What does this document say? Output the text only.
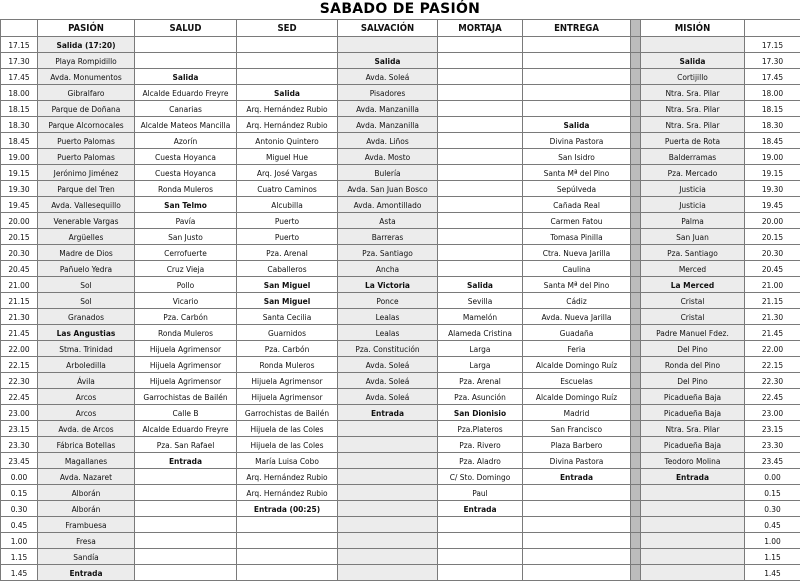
SABADO DE PASIÓN
	PASIÓN	SALUD	SED	SALVACIÓN	MORTAJA	ENTREGA		MISIÓN	
17.15	Salida (17:20)								17.15
17.30	Playa Rompidillo			Salida				Salida	17.30
17.45	Avda. Monumentos	Salida		Avda. Soleá				Cortijillo	17.45
18.00	Gibralfaro	Alcalde Eduardo Freyre	Salida	Pisadores				Ntra. Sra. Pilar	18.00
18.15	Parque de Doñana	Canarias	Arq. Hernández Rubio	Avda. Manzanilla				Ntra. Sra. Pilar	18.15
18.30	Parque Alcornocales	Alcalde Mateos Mancilla	Arq. Hernández Rubio	Avda. Manzanilla		Salida		Ntra. Sra. Pilar	18.30
18.45	Puerto Palomas	Azorín	Antonio Quintero	Avda. Liños		Divina Pastora		Puerta de Rota	18.45
19.00	Puerto Palomas	Cuesta Hoyanca	Miguel Hue	Avda. Mosto		San Isidro		Balderramas	19.00
19.15	Jerónimo Jiménez	Cuesta Hoyanca	Arq. José Vargas	Bulería		Santa Mª del Pino		Pza. Mercado	19.15
19.30	Parque del Tren	Ronda Muleros	Cuatro Caminos	Avda. San Juan Bosco		Sepúlveda		Justicia	19.30
19.45	Avda. Vallesequillo	San Telmo	Alcubilla	Avda. Amontillado		Cañada Real		Justicia	19.45
20.00	Venerable Vargas	Pavía	Puerto	Asta		Carmen Fatou		Palma	20.00
20.15	Argüelles	San Justo	Puerto	Barreras		Tomasa Pinilla		San Juan	20.15
20.30	Madre de Dios	Cerrofuerte	Pza. Arenal	Pza. Santiago		Ctra. Nueva Jarilla		Pza. Santiago	20.30
20.45	Pañuelo Yedra	Cruz Vieja	Caballeros	Ancha		Caulina		Merced	20.45
21.00	Sol	Pollo	San Miguel	La Victoria	Salida	Santa Mª del Pino		La Merced	21.00
21.15	Sol	Vicario	San Miguel	Ponce	Sevilla	Cádiz		Cristal	21.15
21.30	Granados	Pza. Carbón	Santa Cecilia	Lealas	Mamelón	Avda. Nueva Jarilla		Cristal	21.30
21.45	Las Angustias	Ronda Muleros	Guarnidos	Lealas	Alameda Cristina	Guadaña		Padre Manuel Fdez.	21.45
22.00	Stma. Trinidad	Hijuela Agrimensor	Pza. Carbón	Pza. Constitución	Larga	Feria		Del Pino	22.00
22.15	Arboledilla	Hijuela Agrimensor	Ronda Muleros	Avda. Soleá	Larga	Alcalde Domingo Ruíz		Ronda del Pino	22.15
22.30	Ávila	Hijuela Agrimensor	Hijuela Agrimensor	Avda. Soleá	Pza. Arenal	Escuelas		Del Pino	22.30
22.45	Arcos	Garrochistas de Bailén	Hijuela Agrimensor	Avda. Soleá	Pza. Asunción	Alcalde Domingo Ruíz		Picadueña Baja	22.45
23.00	Arcos	Calle B	Garrochistas de Bailén	Entrada	San Dionisio	Madrid		Picadueña Baja	23.00
23.15	Avda. de Arcos	Alcalde Eduardo Freyre	Hijuela de las Coles		Pza.Plateros	San Francisco		Ntra. Sra. Pilar	23.15
23.30	Fábrica Botellas	Pza. San Rafael	Hijuela de las Coles		Pza. Rivero	Plaza Barbero		Picadueña Baja	23.30
23.45	Magallanes	Entrada	María Luisa Cobo		Pza. Aladro	Divina Pastora		Teodoro Molina	23.45
0.00	Avda. Nazaret		Arq. Hernández Rubio		C/ Sto. Domingo	Entrada		Entrada	0.00
0.15	Alborán		Arq. Hernández Rubio		Paul				0.15
0.30	Alborán		Entrada (00:25)		Entrada				0.30
0.45	Frambuesa								0.45
1.00	Fresa								1.00
1.15	Sandía								1.15
1.45	Entrada								1.45
